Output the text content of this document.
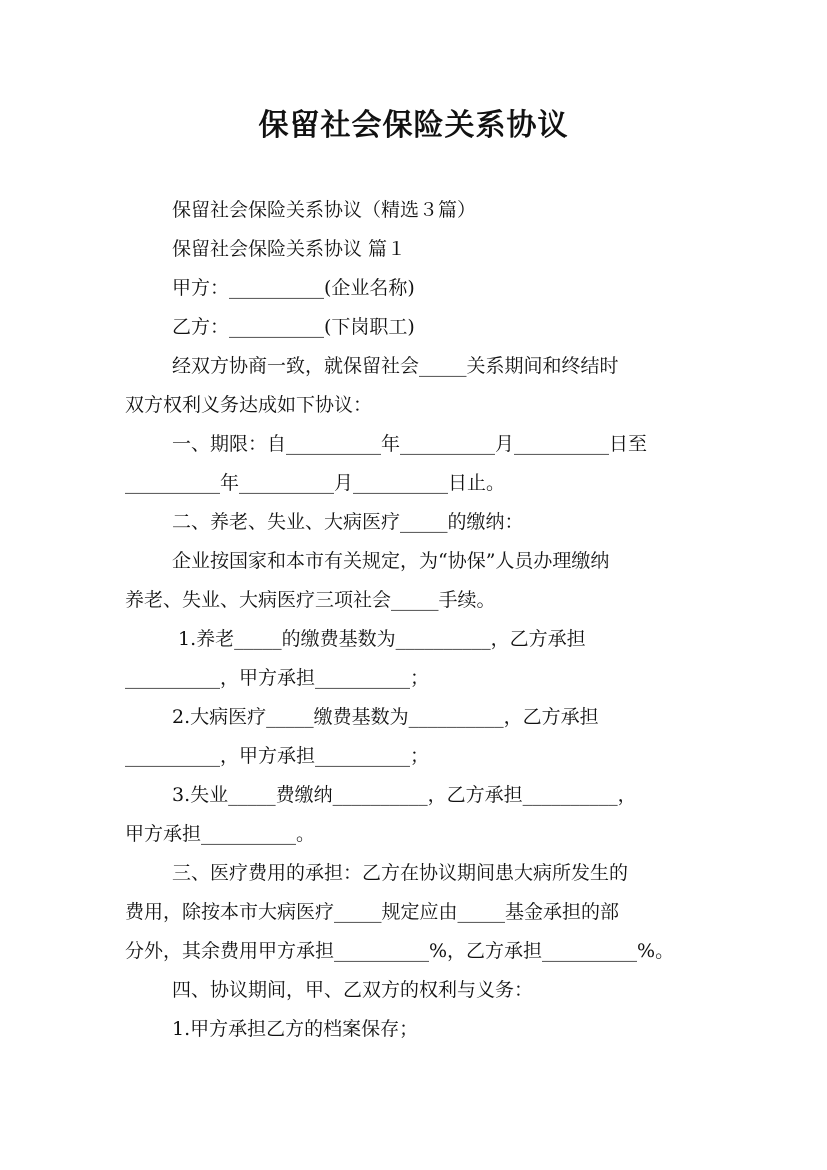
保留社会保险关系协议
保留社会保险关系协议（精选３篇）
保留社会保险关系协议 篇１
甲方：__________(企业名称)
乙方：__________(下岗职工)
经双方协商一致，就保留社会_____关系期间和终结时
双方权利义务达成如下协议：
一、期限：自__________年__________月__________日至
__________年__________月__________日止。
二、养老、失业、大病医疗_____的缴纳：
企业按国家和本市有关规定，为“协保”人员办理缴纳
养老、失业、大病医疗三项社会_____手续。
1.养老_____的缴费基数为__________，乙方承担
__________，甲方承担__________；
2.大病医疗_____缴费基数为__________，乙方承担
__________，甲方承担__________；
3.失业_____费缴纳__________，乙方承担__________，
甲方承担__________。
三、医疗费用的承担：乙方在协议期间患大病所发生的
费用，除按本市大病医疗_____规定应由_____基金承担的部
分外，其余费用甲方承担__________%，乙方承担__________%。
四、协议期间，甲、乙双方的权利与义务：
1.甲方承担乙方的档案保存；
